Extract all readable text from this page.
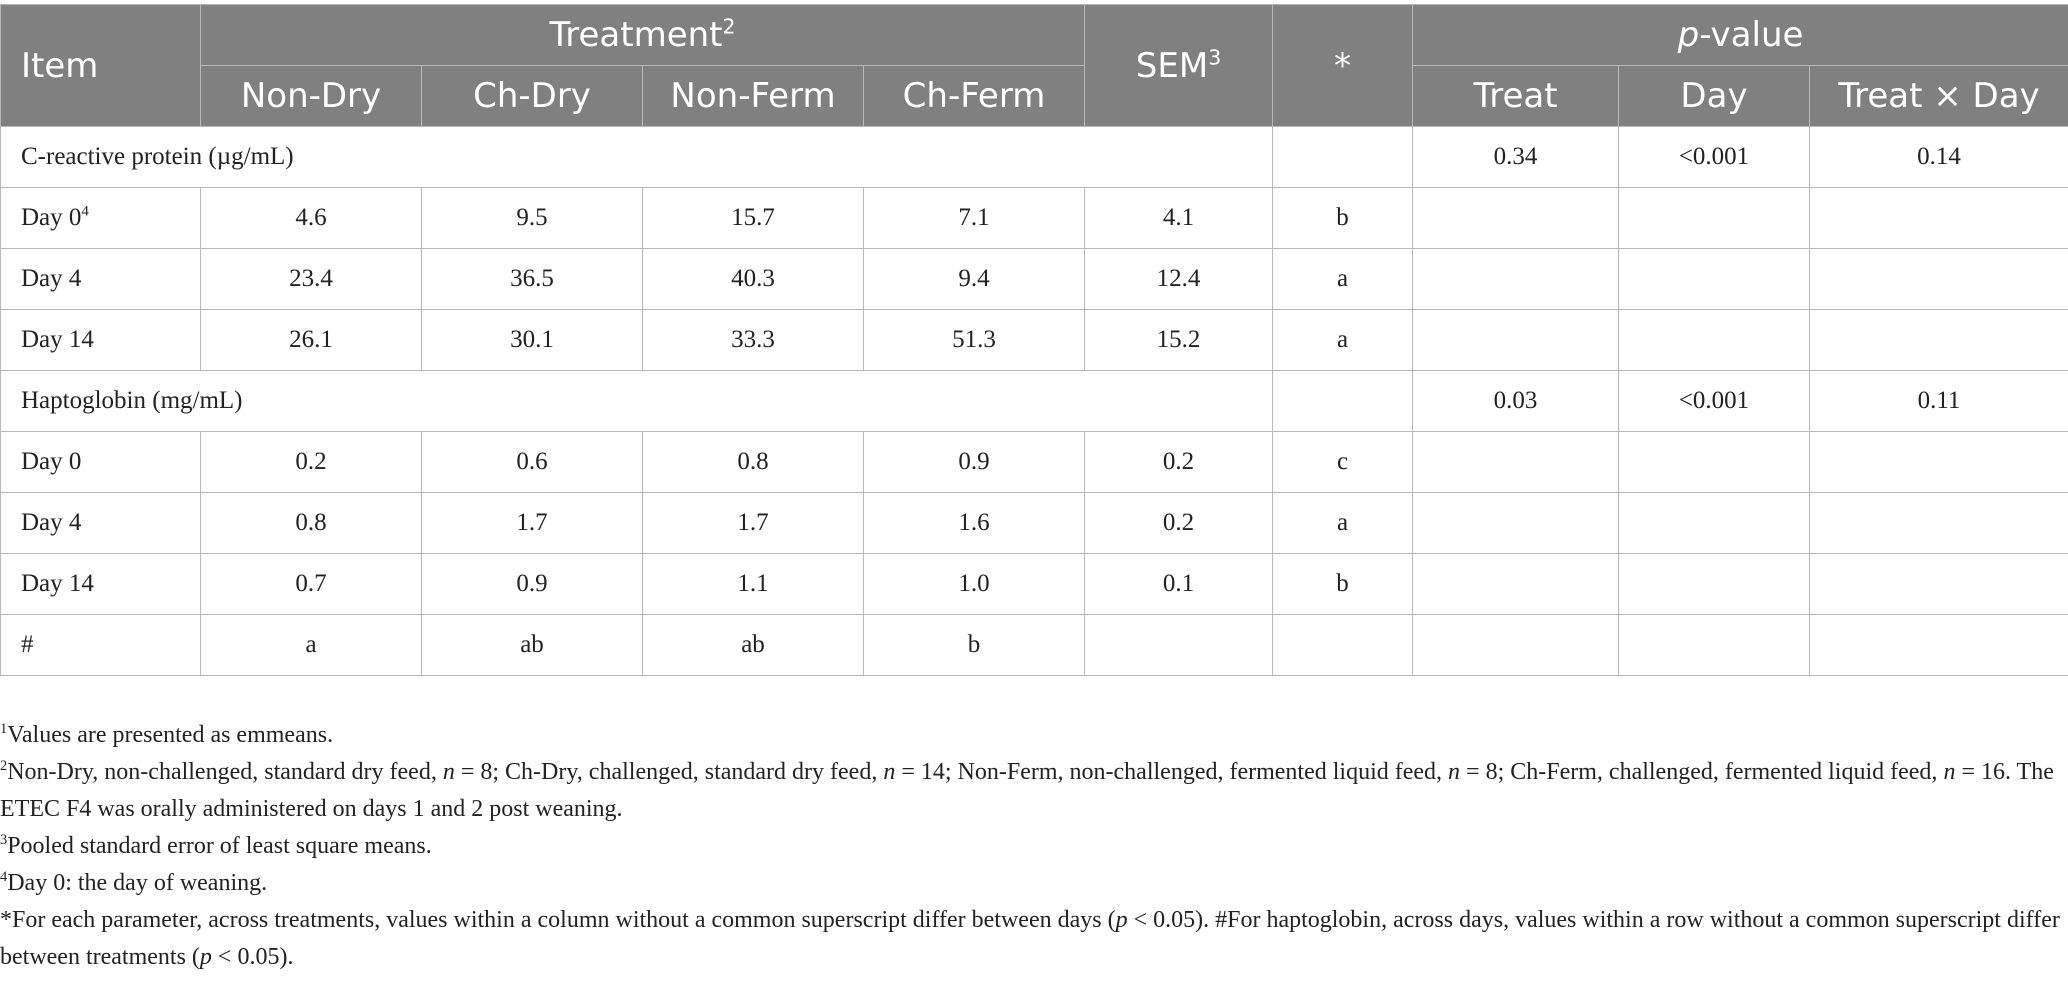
Item	Treatment$^2$				SEM$^3$	*	p-value		
	Non-Dry	Ch-Dry	Non-Ferm	Ch-Ferm			Treat	Day	Treat × Day
C-reactive protein (µg/mL)							0.34	<0.001	0.14
Day $0^4$	4.6	9.5	15.7	7.1	4.1	b			
Day 4	23.4	36.5	40.3	9.4	12.4	a			
Day 14	26.1	30.1	33.3	51.3	15.2	a			
Haptoglobin (mg/mL)							0.03	<0.001	0.11
Day 0	0.2	0.6	0.8	0.9	0.2	c			
Day 4	0.8	1.7	1.7	1.6	0.2	a			
Day 14	0.7	0.9	1.1	1.0	0.1	b			
#	a	ab	ab	b					

$^1$Values are presented as emmeans.

$^2$Non-Dry, non-challenged, standard dry feed, n = 8; Ch-Dry, challenged, standard dry feed, n = 14; Non-Ferm, non-challenged, fermented liquid feed, n = 8; Ch-Ferm, challenged, fermented liquid feed, n = 16. The ETEC F4 was orally administered on days 1 and 2 post weaning.

$^3$Pooled standard error of least square means.

$^4$Day 0: the day of weaning.

*For each parameter, across treatments, values within a column without a common superscript differ between days (p < 0.05). #For haptoglobin, across days, values within a row without a common superscript differ between treatments (p < 0.05).
